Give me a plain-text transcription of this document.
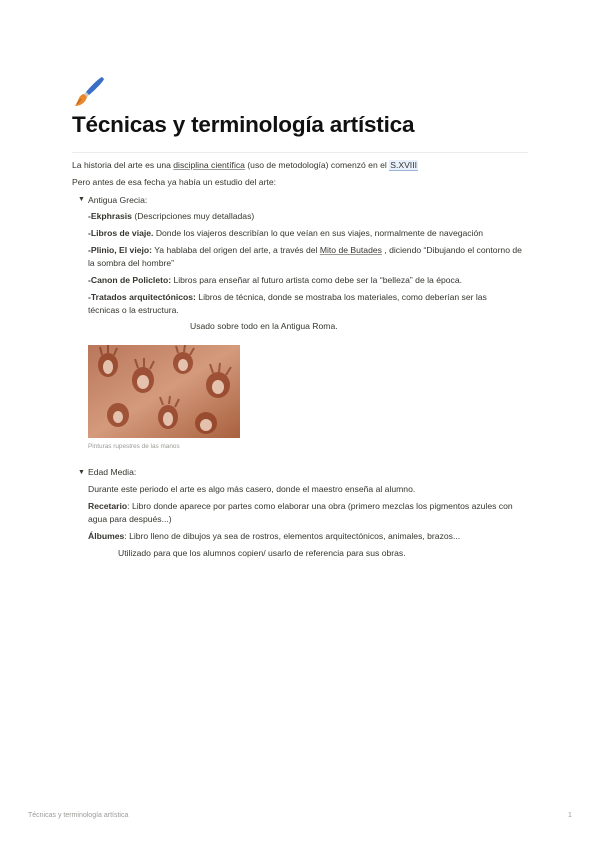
Técnicas y terminología artística
La historia del arte es una disciplina científica (uso de metodología) comenzó en el S.XVIII
Pero antes de esa fecha ya había un estudio del arte:
▼ Antigua Grecia:
-Ekphrasis (Descripciones muy detalladas)
-Libros de viaje. Donde los viajeros describían lo que veían en sus viajes, normalmente de navegación
-Plinio, El viejo: Ya hablaba del origen del arte, a través del Mito de Butades , diciendo “Dibujando el contorno de la sombra del hombre”
-Canon de Policleto: Libros para enseñar al futuro artista como debe ser la “belleza” de la época.
-Tratados arquitectónicos: Libros de técnica, donde se mostraba los materiales, como deberían ser las técnicas o la estructura.
Usado sobre todo en la Antigua Roma.
Pinturas rupestres de las manos
▼ Edad Media:
Durante este periodo el arte es algo más casero, donde el maestro enseña al alumno.
Recetario: Libro donde aparece por partes como elaborar una obra (primero mezclas los pigmentos azules con agua para después...)
Álbumes: Libro lleno de dibujos ya sea de rostros, elementos arquitectónicos, animales, brazos...
Utilizado para que los alumnos copien/ usarlo de referencia para sus obras.
Técnicas y terminología artística	1
